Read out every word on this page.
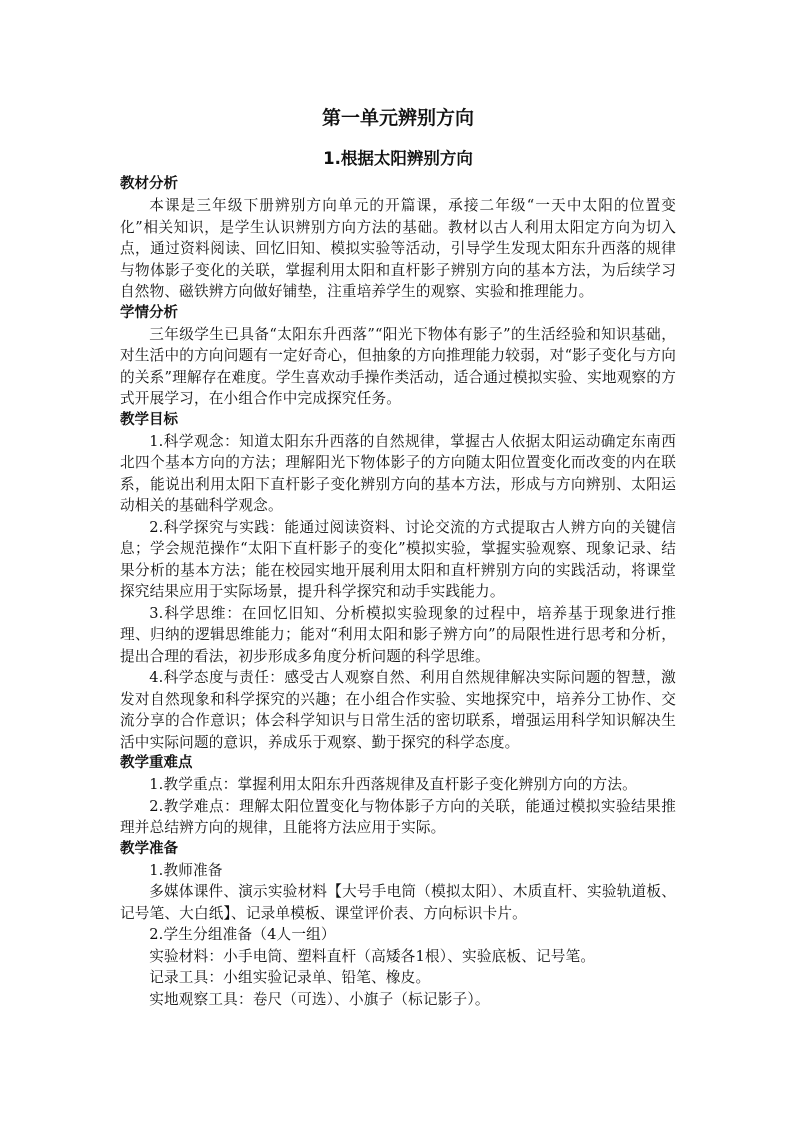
第一单元辨别方向
1.根据太阳辨别方向
教材分析

本课是三年级下册辨别方向单元的开篇课，承接二年级“一天中太阳的位置变化”相关知识，是学生认识辨别方向方法的基础。教材以古人利用太阳定方向为切入点，通过资料阅读、回忆旧知、模拟实验等活动，引导学生发现太阳东升西落的规律与物体影子变化的关联，掌握利用太阳和直杆影子辨别方向的基本方法，为后续学习自然物、磁铁辨方向做好铺垫，注重培养学生的观察、实验和推理能力。

学情分析

三年级学生已具备“太阳东升西落”“阳光下物体有影子”的生活经验和知识基础，对生活中的方向问题有一定好奇心，但抽象的方向推理能力较弱，对“影子变化与方向的关系”理解存在难度。学生喜欢动手操作类活动，适合通过模拟实验、实地观察的方式开展学习，在小组合作中完成探究任务。

教学目标

1.科学观念：知道太阳东升西落的自然规律，掌握古人依据太阳运动确定东南西北四个基本方向的方法；理解阳光下物体影子的方向随太阳位置变化而改变的内在联系，能说出利用太阳下直杆影子变化辨别方向的基本方法，形成与方向辨别、太阳运动相关的基础科学观念。

2.科学探究与实践：能通过阅读资料、讨论交流的方式提取古人辨方向的关键信息；学会规范操作“太阳下直杆影子的变化”模拟实验，掌握实验观察、现象记录、结果分析的基本方法；能在校园实地开展利用太阳和直杆辨别方向的实践活动，将课堂探究结果应用于实际场景，提升科学探究和动手实践能力。

3.科学思维：在回忆旧知、分析模拟实验现象的过程中，培养基于现象进行推理、归纳的逻辑思维能力；能对“利用太阳和影子辨方向”的局限性进行思考和分析，提出合理的看法，初步形成多角度分析问题的科学思维。

4.科学态度与责任：感受古人观察自然、利用自然规律解决实际问题的智慧，激发对自然现象和科学探究的兴趣；在小组合作实验、实地探究中，培养分工协作、交流分享的合作意识；体会科学知识与日常生活的密切联系，增强运用科学知识解决生活中实际问题的意识，养成乐于观察、勤于探究的科学态度。

教学重难点

1.教学重点：掌握利用太阳东升西落规律及直杆影子变化辨别方向的方法。

2.教学难点：理解太阳位置变化与物体影子方向的关联，能通过模拟实验结果推理并总结辨方向的规律，且能将方法应用于实际。

教学准备

1.教师准备

多媒体课件、演示实验材料【大号手电筒（模拟太阳）、木质直杆、实验轨道板、记号笔、大白纸】、记录单模板、课堂评价表、方向标识卡片。

2.学生分组准备（4人一组）

实验材料：小手电筒、塑料直杆（高矮各1根）、实验底板、记号笔。

记录工具：小组实验记录单、铅笔、橡皮。

实地观察工具：卷尺（可选）、小旗子（标记影子）。
